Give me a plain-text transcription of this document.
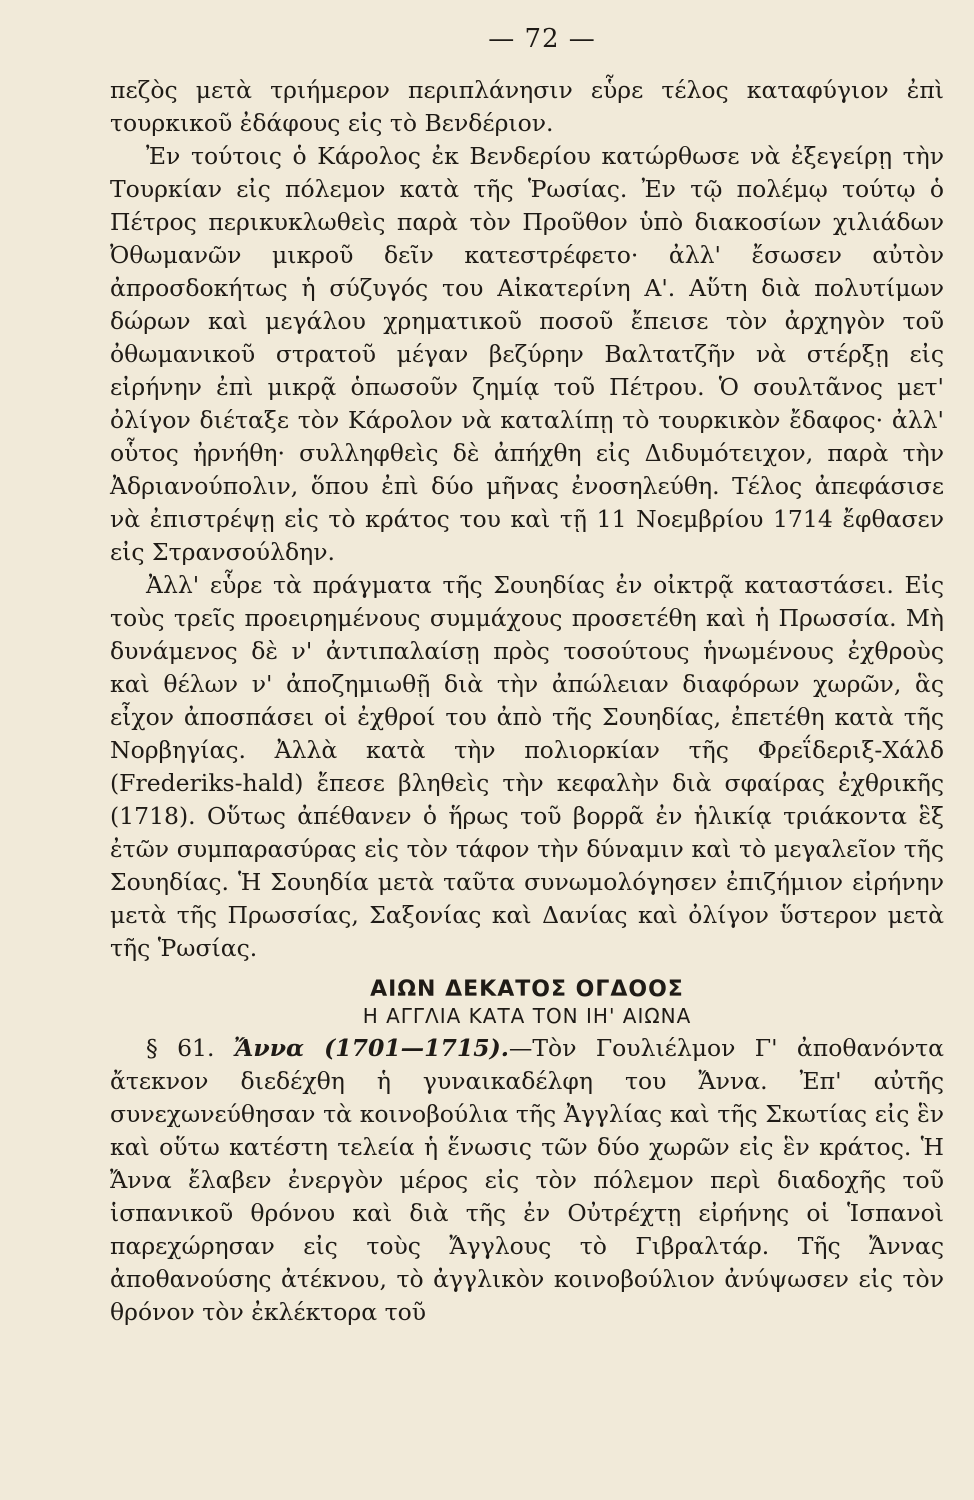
— 72 —

πεζὸς μετὰ τριήμερον περιπλάνησιν εὗρε τέλος καταφύγιον ἐπὶ τουρκικοῦ ἐδάφους εἰς τὸ Βενδέριον.

Ἐν τούτοις ὁ Κάρολος ἐκ Βενδερίου κατώρθωσε νὰ ἐξεγείρῃ τὴν Τουρκίαν εἰς πόλεμον κατὰ τῆς Ῥωσίας. Ἐν τῷ πολέμῳ τούτῳ ὁ Πέτρος περικυκλωθεὶς παρὰ τὸν Προῦθον ὑπὸ διακοσίων χιλιάδων Ὀθωμανῶν μικροῦ δεῖν κατεστρέφετο· ἀλλ' ἔσωσεν αὐτὸν ἀπροσδοκήτως ἡ σύζυγός του Αἰκατερίνη Α'. Αὕτη διὰ πολυτίμων δώρων καὶ μεγάλου χρηματικοῦ ποσοῦ ἔπεισε τὸν ἀρχηγὸν τοῦ ὀθωμανικοῦ στρατοῦ μέγαν βεζύρην Βαλτατζῆν νὰ στέρξῃ εἰς εἰρήνην ἐπὶ μικρᾷ ὁπωσοῦν ζημίᾳ τοῦ Πέτρου. Ὁ σουλτᾶνος μετ' ὀλίγον διέταξε τὸν Κάρολον νὰ καταλίπῃ τὸ τουρκικὸν ἔδαφος· ἀλλ' οὗτος ἠρνήθη· συλληφθεὶς δὲ ἀπήχθη εἰς Διδυμότειχον, παρὰ τὴν Ἀδριανούπολιν, ὅπου ἐπὶ δύο μῆνας ἐνοσηλεύθη. Τέλος ἀπεφάσισε νὰ ἐπιστρέψῃ εἰς τὸ κράτος του καὶ τῇ 11 Νοεμβρίου 1714 ἔφθασεν εἰς Στρανσούλδην.

Ἀλλ' εὗρε τὰ πράγματα τῆς Σουηδίας ἐν οἰκτρᾷ καταστάσει. Εἰς τοὺς τρεῖς προειρημένους συμμάχους προσετέθη καὶ ἡ Πρωσσία. Μὴ δυνάμενος δὲ ν' ἀντιπαλαίσῃ πρὸς τοσούτους ἡνωμένους ἐχθροὺς καὶ θέλων ν' ἀποζημιωθῇ διὰ τὴν ἀπώλειαν διαφόρων χωρῶν, ἃς εἶχον ἀποσπάσει οἱ ἐχθροί του ἀπὸ τῆς Σουηδίας, ἐπετέθη κατὰ τῆς Νορβηγίας. Ἀλλὰ κατὰ τὴν πολιορκίαν τῆς Φρεΐδεριξ-Χάλδ (Frederiks-hald) ἔπεσε βληθεὶς τὴν κεφαλὴν διὰ σφαίρας ἐχθρικῆς (1718). Οὕτως ἀπέθανεν ὁ ἥρως τοῦ βορρᾶ ἐν ἡλικίᾳ τριάκοντα ἓξ ἐτῶν συμπαρασύρας εἰς τὸν τάφον τὴν δύναμιν καὶ τὸ μεγαλεῖον τῆς Σουηδίας. Ἡ Σουηδία μετὰ ταῦτα συνωμολόγησεν ἐπιζήμιον εἰρήνην μετὰ τῆς Πρωσσίας, Σαξονίας καὶ Δανίας καὶ ὀλίγον ὕστερον μετὰ τῆς Ῥωσίας.

ΑΙΩΝ ΔΕΚΑΤΟΣ ΟΓΔΟΟΣ
Η ΑΓΓΛΙΑ ΚΑΤΑ ΤΟΝ ΙΗ' ΑΙΩΝΑ

§ 61. Ἄννα (1701—1715).—Τὸν Γουλιέλμον Γ' ἀποθανόντα ἄτεκνον διεδέχθη ἡ γυναικαδέλφη του Ἄννα. Ἐπ' αὐτῆς συνεχωνεύθησαν τὰ κοινοβούλια τῆς Ἀγγλίας καὶ τῆς Σκωτίας εἰς ἓν καὶ οὕτω κατέστη τελεία ἡ ἕνωσις τῶν δύο χωρῶν εἰς ἓν κράτος. Ἡ Ἄννα ἔλαβεν ἐνεργὸν μέρος εἰς τὸν πόλεμον περὶ διαδοχῆς τοῦ ἱσπανικοῦ θρόνου καὶ διὰ τῆς ἐν Οὐτρέχτῃ εἰρήνης οἱ Ἱσπανοὶ παρεχώρησαν εἰς τοὺς Ἄγγλους τὸ Γιβραλτάρ. Τῆς Ἄννας ἀποθανούσης ἀτέκνου, τὸ ἀγγλικὸν κοινοβούλιον ἀνύψωσεν εἰς τὸν θρόνον τὸν ἐκλέκτορα τοῦ
